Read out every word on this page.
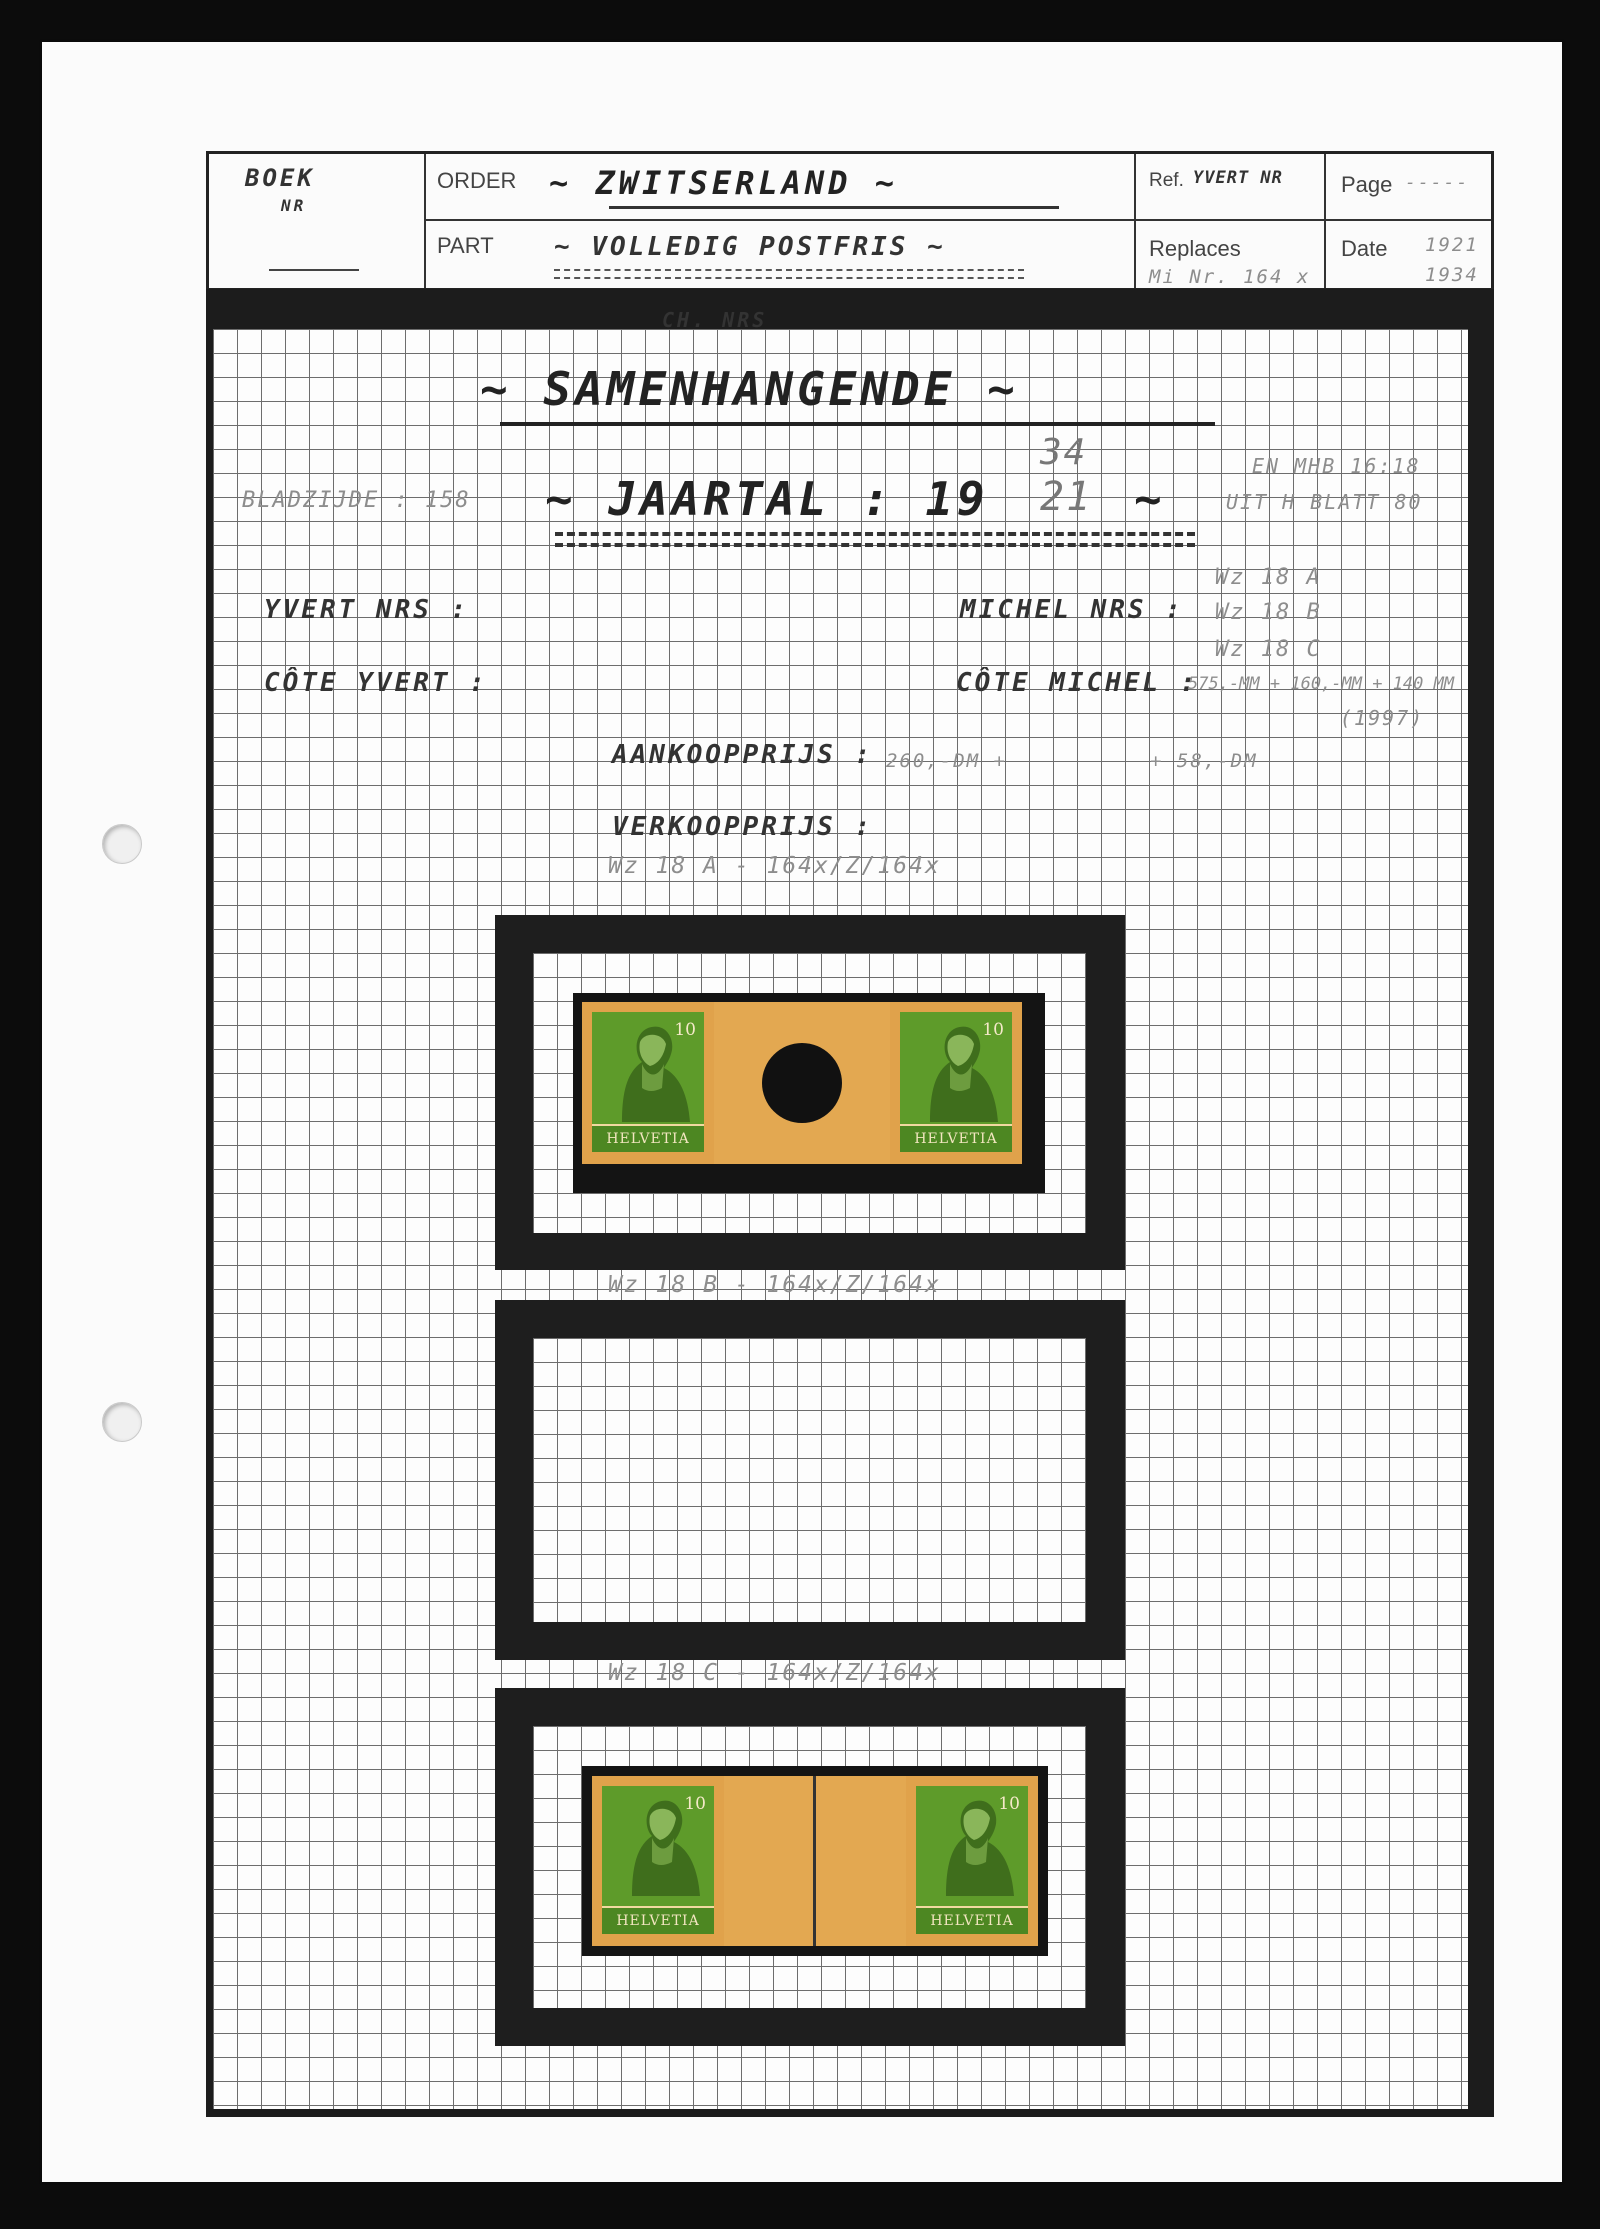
BOEK
NR
ORDER ~ ZWITSERLAND ~
PART ~ VOLLEDIG POSTFRIS ~
Ref. YVERT NR	Page -----
Replaces
Mi Nr. 164 x
Date 1921
1934
CH. NRS
~ SAMENHANGENDE ~
BLADZIJDE : 158 ~ JAARTAL : 19
34
21 ~
EN MHB 16:18
UIT H BLATT 80
YVERT NRS :	MICHEL NRS :
Wz 18 A
Wz 18 B
Wz 18 C
CÔTE YVERT :	CÔTE MICHEL :
575,-MM + 160,-MM + 140 MM
(1997)
AANKOOPPRIJS : 260,-DM +	+ 58,-DM
VERKOOPPRIJS :
Wz 18 A - 164x/Z/164x
10
HELVETIA
10
HELVETIA
Wz 18 B - 164x/Z/164x
Wz 18 C - 164x/Z/164x
10
HELVETIA
10
HELVETIA
